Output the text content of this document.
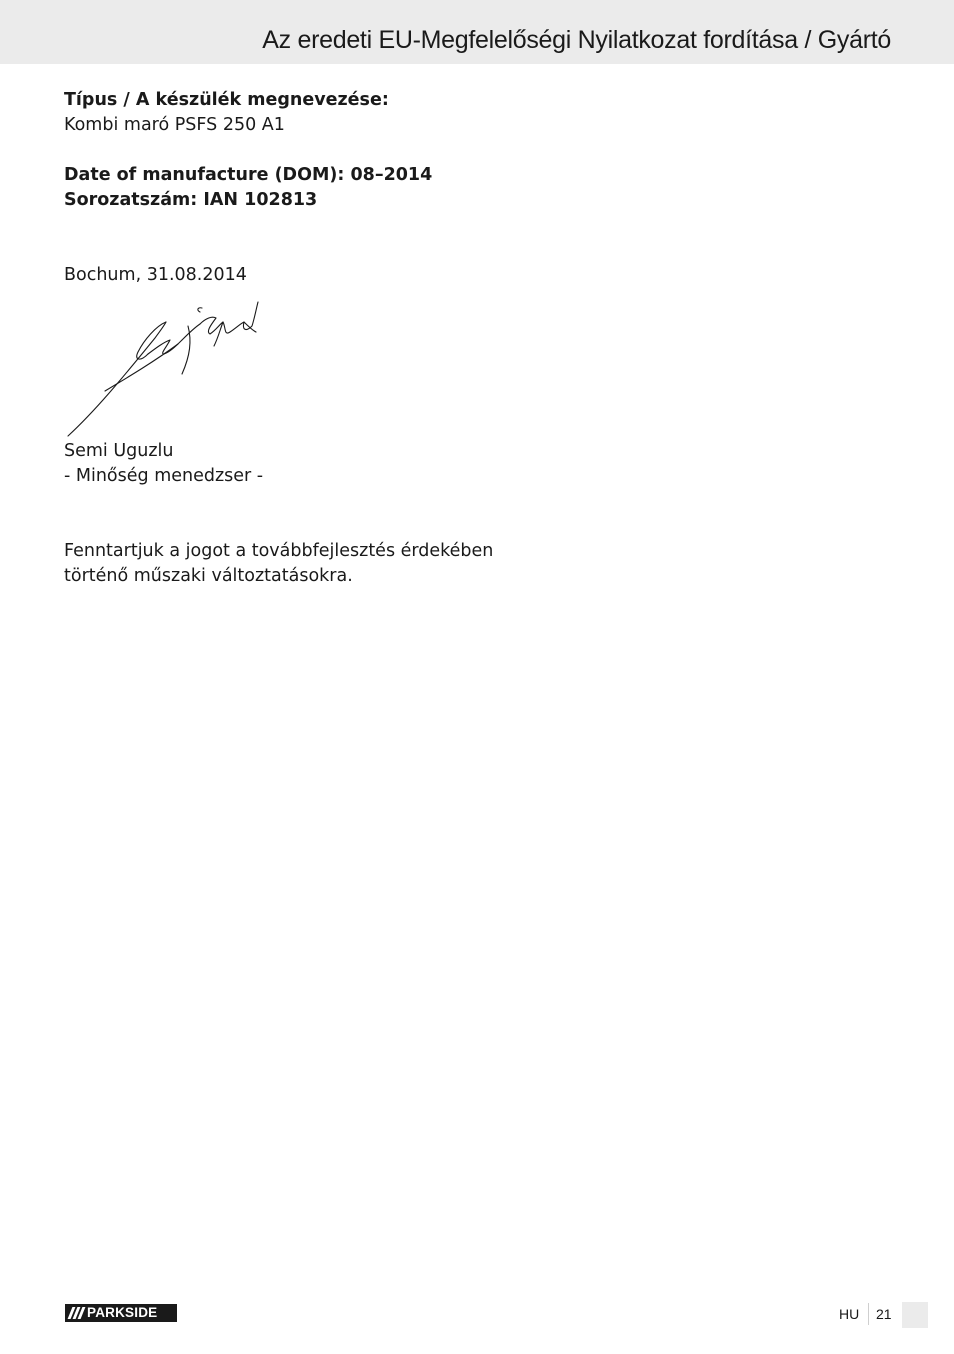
Az eredeti EU-Megfelelőségi Nyilatkozat fordítása / Gyártó
Típus / A készülék megnevezése:
Kombi maró PSFS 250 A1
Date of manufacture (DOM): 08–2014
Sorozatszám: IAN 102813
Bochum, 31.08.2014
Semi Uguzlu
- Minőség menedzser -
Fenntartjuk a jogot a továbbfejlesztés érdekében
történő műszaki változtatásokra.
PARKSIDE	HU 21
